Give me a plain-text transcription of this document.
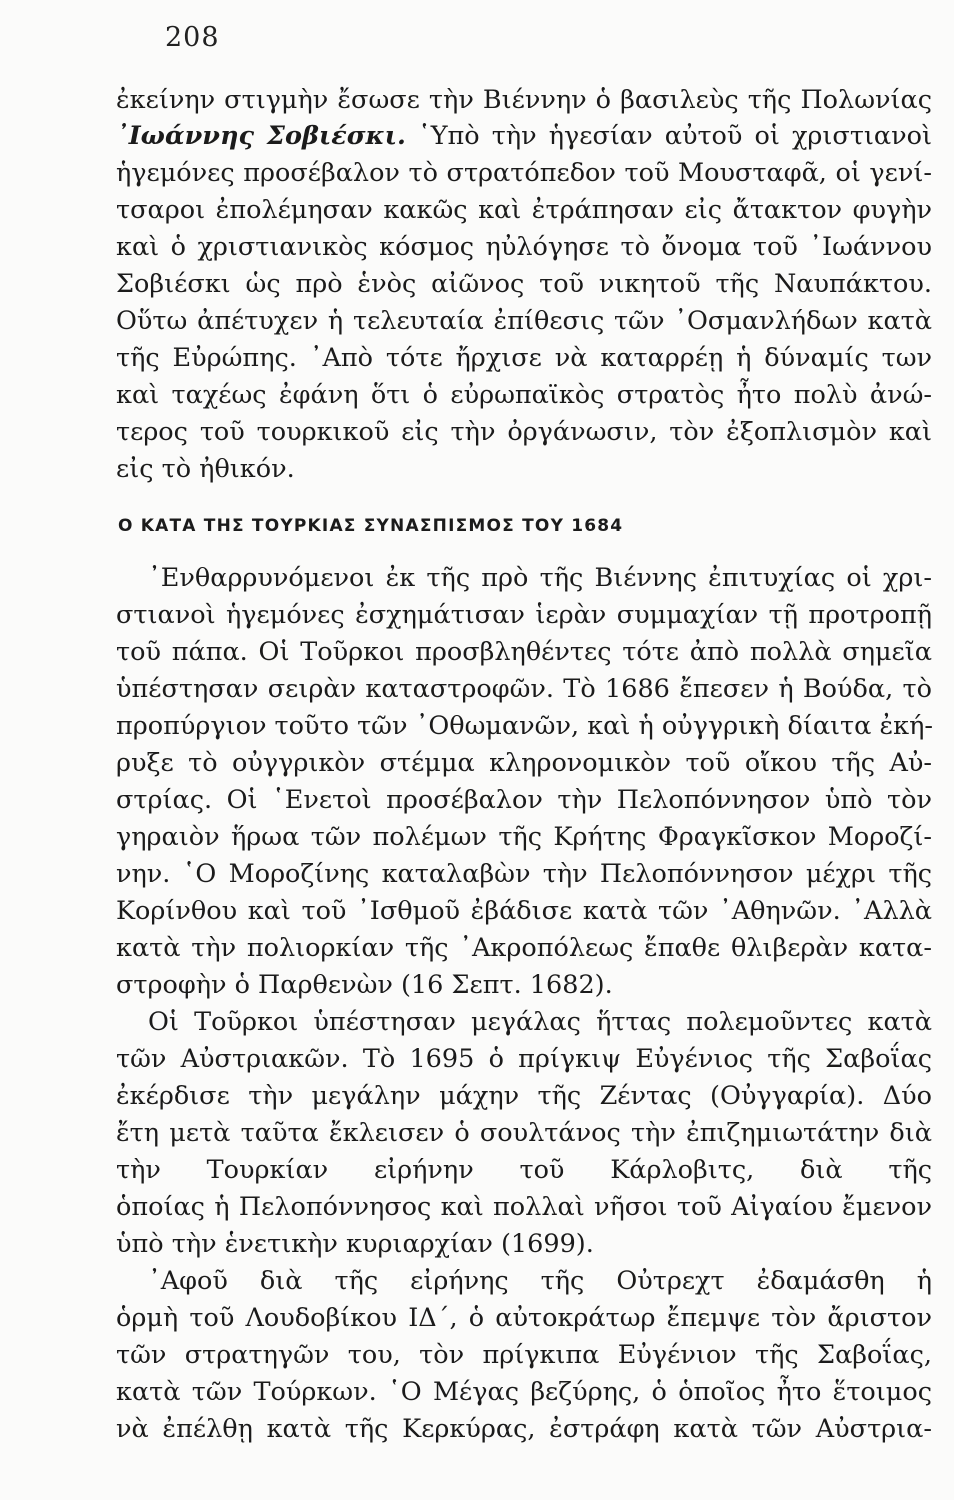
208
ἐκείνην στιγμὴν ἔσωσε τὴν Βιέννην ὁ βασιλεὺς τῆς Πολωνίας
᾿Ιωάννης Σοβιέσκι. ῾Υπὸ τὴν ἡγεσίαν αὐτοῦ οἱ χριστιανοὶ
ἡγεμόνες προσέβαλον τὸ στρατόπεδον τοῦ Μουσταφᾶ, οἱ γενί-
τσαροι ἐπολέμησαν κακῶς καὶ ἐτράπησαν εἰς ἄτακτον φυγὴν
καὶ ὁ χριστιανικὸς κόσμος ηὐλόγησε τὸ ὄνομα τοῦ ᾿Ιωάννου
Σοβιέσκι ὡς πρὸ ἑνὸς αἰῶνος τοῦ νικητοῦ τῆς Ναυπάκτου.
Οὕτω ἀπέτυχεν ἡ τελευταία ἐπίθεσις τῶν ᾿Οσμανλήδων κατὰ
τῆς Εὐρώπης. ᾿Απὸ τότε ἤρχισε νὰ καταρρέῃ ἡ δύναμίς των
καὶ ταχέως ἐφάνη ὅτι ὁ εὐρωπαϊκὸς στρατὸς ἦτο πολὺ ἀνώ-
τερος τοῦ τουρκικοῦ εἰς τὴν ὀργάνωσιν, τὸν ἐξοπλισμὸν καὶ
εἰς τὸ ἠθικόν.
᾿Ενθαρρυνόμενοι ἐκ τῆς πρὸ τῆς Βιέννης ἐπιτυχίας οἱ χρι-
στιανοὶ ἡγεμόνες ἐσχημάτισαν ἱερὰν συμμαχίαν τῇ προτροπῇ
τοῦ πάπα. Οἱ Τοῦρκοι προσβληθέντες τότε ἀπὸ πολλὰ σημεῖα
ὑπέστησαν σειρὰν καταστροφῶν. Τὸ 1686 ἔπεσεν ἡ Βούδα, τὸ
προπύργιον τοῦτο τῶν ᾿Οθωμανῶν, καὶ ἡ οὐγγρικὴ δίαιτα ἐκή-
ρυξε τὸ οὐγγρικὸν στέμμα κληρονομικὸν τοῦ οἴκου τῆς Αὐ-
στρίας. Οἱ ῾Ενετοὶ προσέβαλον τὴν Πελοπόννησον ὑπὸ τὸν
γηραιὸν ἥρωα τῶν πολέμων τῆς Κρήτης Φραγκῖσκον Μοροζί-
νην. ῾Ο Μοροζίνης καταλαβὼν τὴν Πελοπόννησον μέχρι τῆς
Κορίνθου καὶ τοῦ ᾿Ισθμοῦ ἐβάδισε κατὰ τῶν ᾿Αθηνῶν. ᾿Αλλὰ
κατὰ τὴν πολιορκίαν τῆς ᾿Ακροπόλεως ἔπαθε θλιβερὰν κατα-
στροφὴν ὁ Παρθενὼν (16 Σεπτ. 1682).
Οἱ Τοῦρκοι ὑπέστησαν μεγάλας ἥττας πολεμοῦντες κατὰ
τῶν Αὐστριακῶν. Τὸ 1695 ὁ πρίγκιψ Εὐγένιος τῆς Σαβοΐας
ἐκέρδισε τὴν μεγάλην μάχην τῆς Ζέντας (Οὐγγαρία). Δύο
ἔτη μετὰ ταῦτα ἔκλεισεν ὁ σουλτάνος τὴν ἐπιζημιωτάτην διὰ
τὴν Τουρκίαν εἰρήνην τοῦ Κάρλοβιτς, διὰ τῆς
ὁποίας ἡ Πελοπόννησος καὶ πολλαὶ νῆσοι τοῦ Αἰγαίου ἔμενον
ὑπὸ τὴν ἑνετικὴν κυριαρχίαν (1699).
᾿Αφοῦ διὰ τῆς εἰρήνης τῆς Οὐτρεχτ ἐδαμάσθη ἡ
ὁρμὴ τοῦ Λουδοβίκου ΙΔ΄, ὁ αὐτοκράτωρ ἔπεμψε τὸν ἄριστον
τῶν στρατηγῶν του, τὸν πρίγκιπα Εὐγένιον τῆς Σαβοΐας,
κατὰ τῶν Τούρκων. ῾Ο Μέγας βεζύρης, ὁ ὁποῖος ἦτο ἕτοιμος
νὰ ἐπέλθῃ κατὰ τῆς Κερκύρας, ἐστράφη κατὰ τῶν Αὐστρια-
Ο ΚΑΤΑ ΤΗΣ ΤΟΥΡΚΙΑΣ ΣΥΝΑΣΠΙΣΜΟΣ ΤΟΥ 1684
